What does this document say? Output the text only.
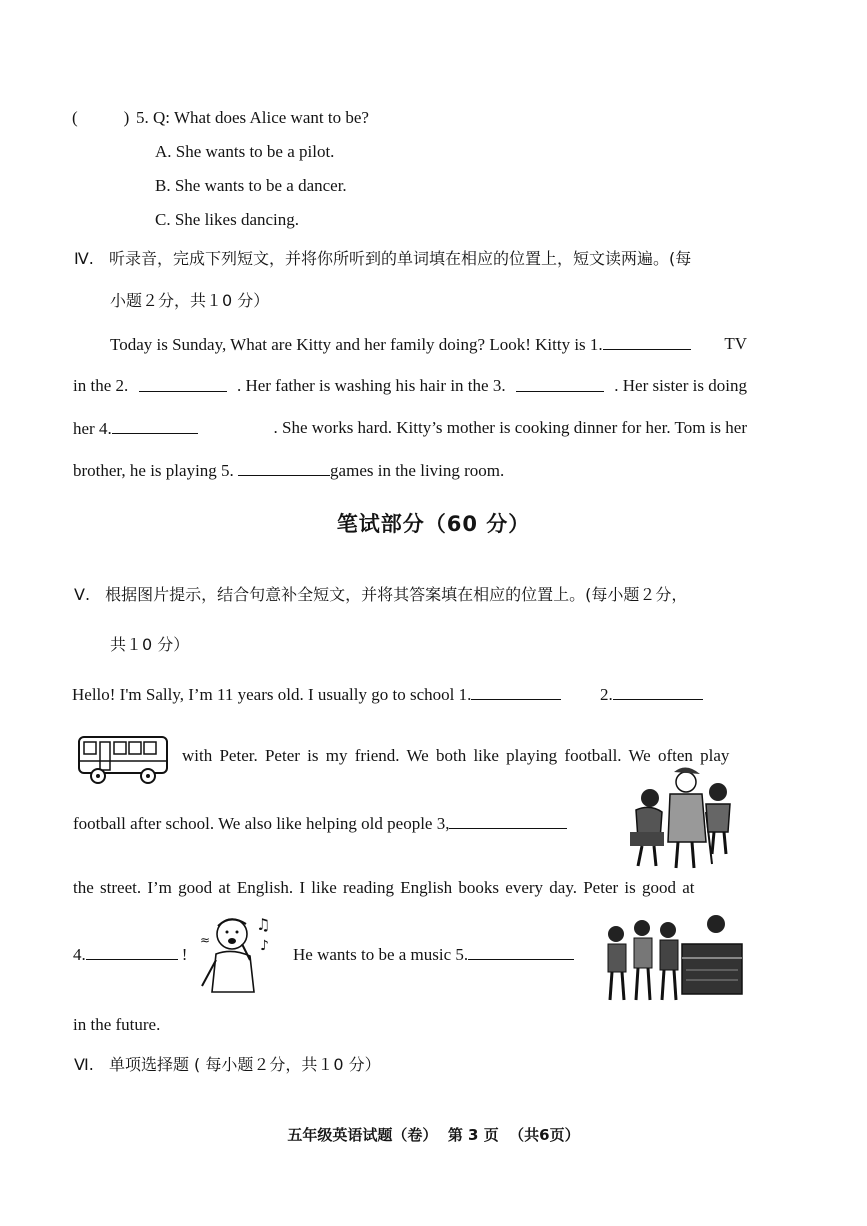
(	) 5. Q: What does Alice want to be?
A. She wants to be a pilot.
B. She wants to be a dancer.
C. She likes dancing.
Ⅳ. 听录音，完成下列短文，并将你所听到的单词填在相应的位置上，短文读两遍。(每
小题２分，共１0 分）
Today is Sunday, What are Kitty and her family doing? Look! Kitty is 1.	TV
in the 2.	. Her father is washing his hair in the 3.	. Her sister is doing
her 4.	. She works hard. Kitty’s mother is cooking dinner for her. Tom is her
brother, he is playing 5.	games in the living room.
笔试部分（60 分）
Ⅴ. 根据图片提示，结合句意补全短文，并将其答案填在相应的位置上。(每小题２分，
共１0 分）
Hello! I'm Sally, I’m 11 years old. I usually go to school 1.	2.
with Peter. Peter is my friend. We both like playing football. We often play
football after school. We also like helping old people 3,
the street. I’m good at English. I like reading English books every day. Peter is good at
4.	!
♫
♪
≈
He wants to be a music 5.
in the future.
Ⅵ. 单项选择题 ( 每小题２分，共１0 分）
五年级英语试题（卷）  第 3 页  （共6页）
